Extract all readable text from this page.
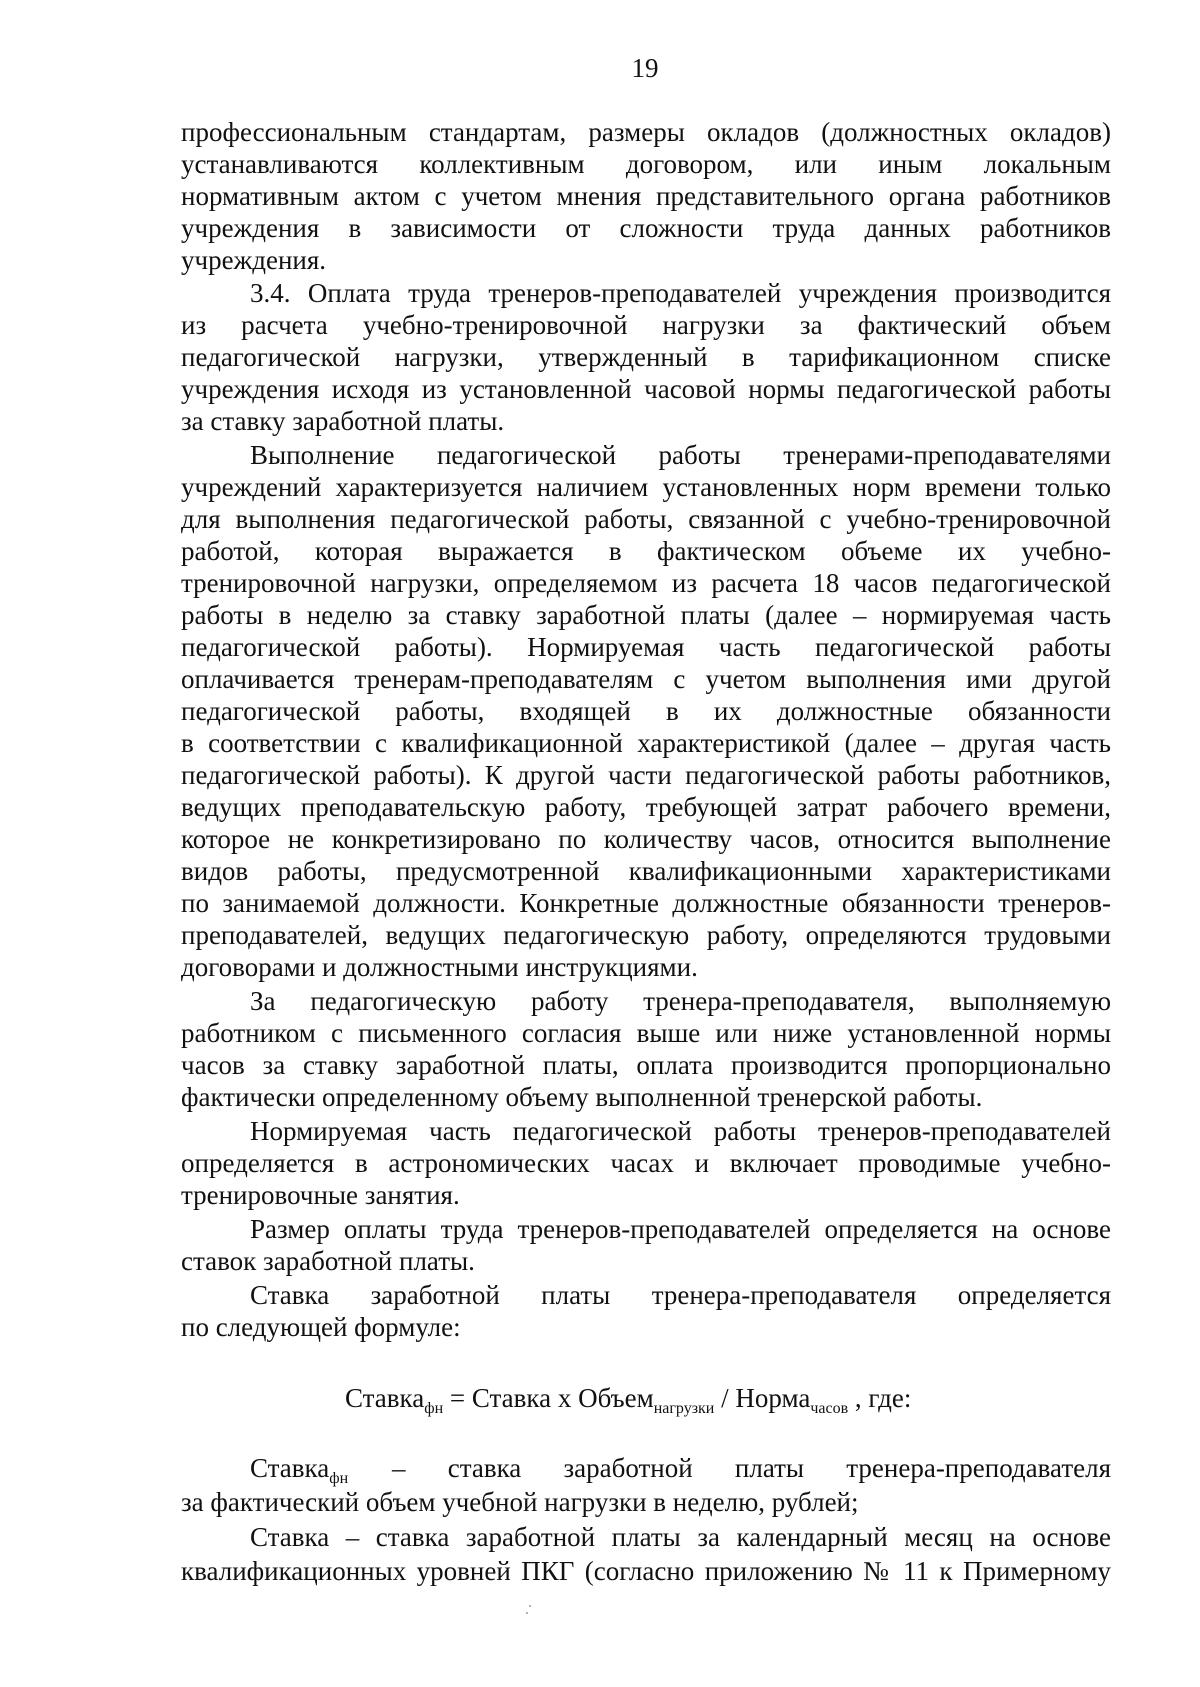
19
профессиональным стандартам, размеры окладов (должностных окладов)
устанавливаются коллективным договором, или иным локальным
нормативным актом с учетом мнения представительного органа работников
учреждения в зависимости от сложности труда данных работников
учреждения.
3.4. Оплата труда тренеров-преподавателей учреждения производится
из расчета учебно-тренировочной нагрузки за фактический объем
педагогической нагрузки, утвержденный в тарификационном списке
учреждения исходя из установленной часовой нормы педагогической работы
за ставку заработной платы.
Выполнение педагогической работы тренерами-преподавателями
учреждений характеризуется наличием установленных норм времени только
для выполнения педагогической работы, связанной с учебно-тренировочной
работой, которая выражается в фактическом объеме их учебно-
тренировочной нагрузки, определяемом из расчета 18 часов педагогической
работы в неделю за ставку заработной платы (далее – нормируемая часть
педагогической работы). Нормируемая часть педагогической работы
оплачивается тренерам-преподавателям с учетом выполнения ими другой
педагогической работы, входящей в их должностные обязанности
в соответствии с квалификационной характеристикой (далее – другая часть
педагогической работы). К другой части педагогической работы работников,
ведущих преподавательскую работу, требующей затрат рабочего времени,
которое не конкретизировано по количеству часов, относится выполнение
видов работы, предусмотренной квалификационными характеристиками
по занимаемой должности. Конкретные должностные обязанности тренеров-
преподавателей, ведущих педагогическую работу, определяются трудовыми
договорами и должностными инструкциями.
За педагогическую работу тренера-преподавателя, выполняемую
работником с письменного согласия выше или ниже установленной нормы
часов за ставку заработной платы, оплата производится пропорционально
фактически определенному объему выполненной тренерской работы.
Нормируемая часть педагогической работы тренеров-преподавателей
определяется в астрономических часах и включает проводимые учебно-
тренировочные занятия.
Размер оплаты труда тренеров-преподавателей определяется на основе
ставок заработной платы.
Ставка заработной платы тренера-преподавателя определяется
по следующей формуле:
Ставка$_{фн}$ = Ставка x Объем$_{нагрузки}$ / Норма$_{часов}$ , где:
Ставка$_{фн}$	– ставка заработной платы тренера-преподавателя
за фактический объем учебной нагрузки в неделю, рублей;
Ставка – ставка заработной платы за календарный месяц на основе
квалификационных уровней ПКГ (согласно приложению № 11 к Примерному
